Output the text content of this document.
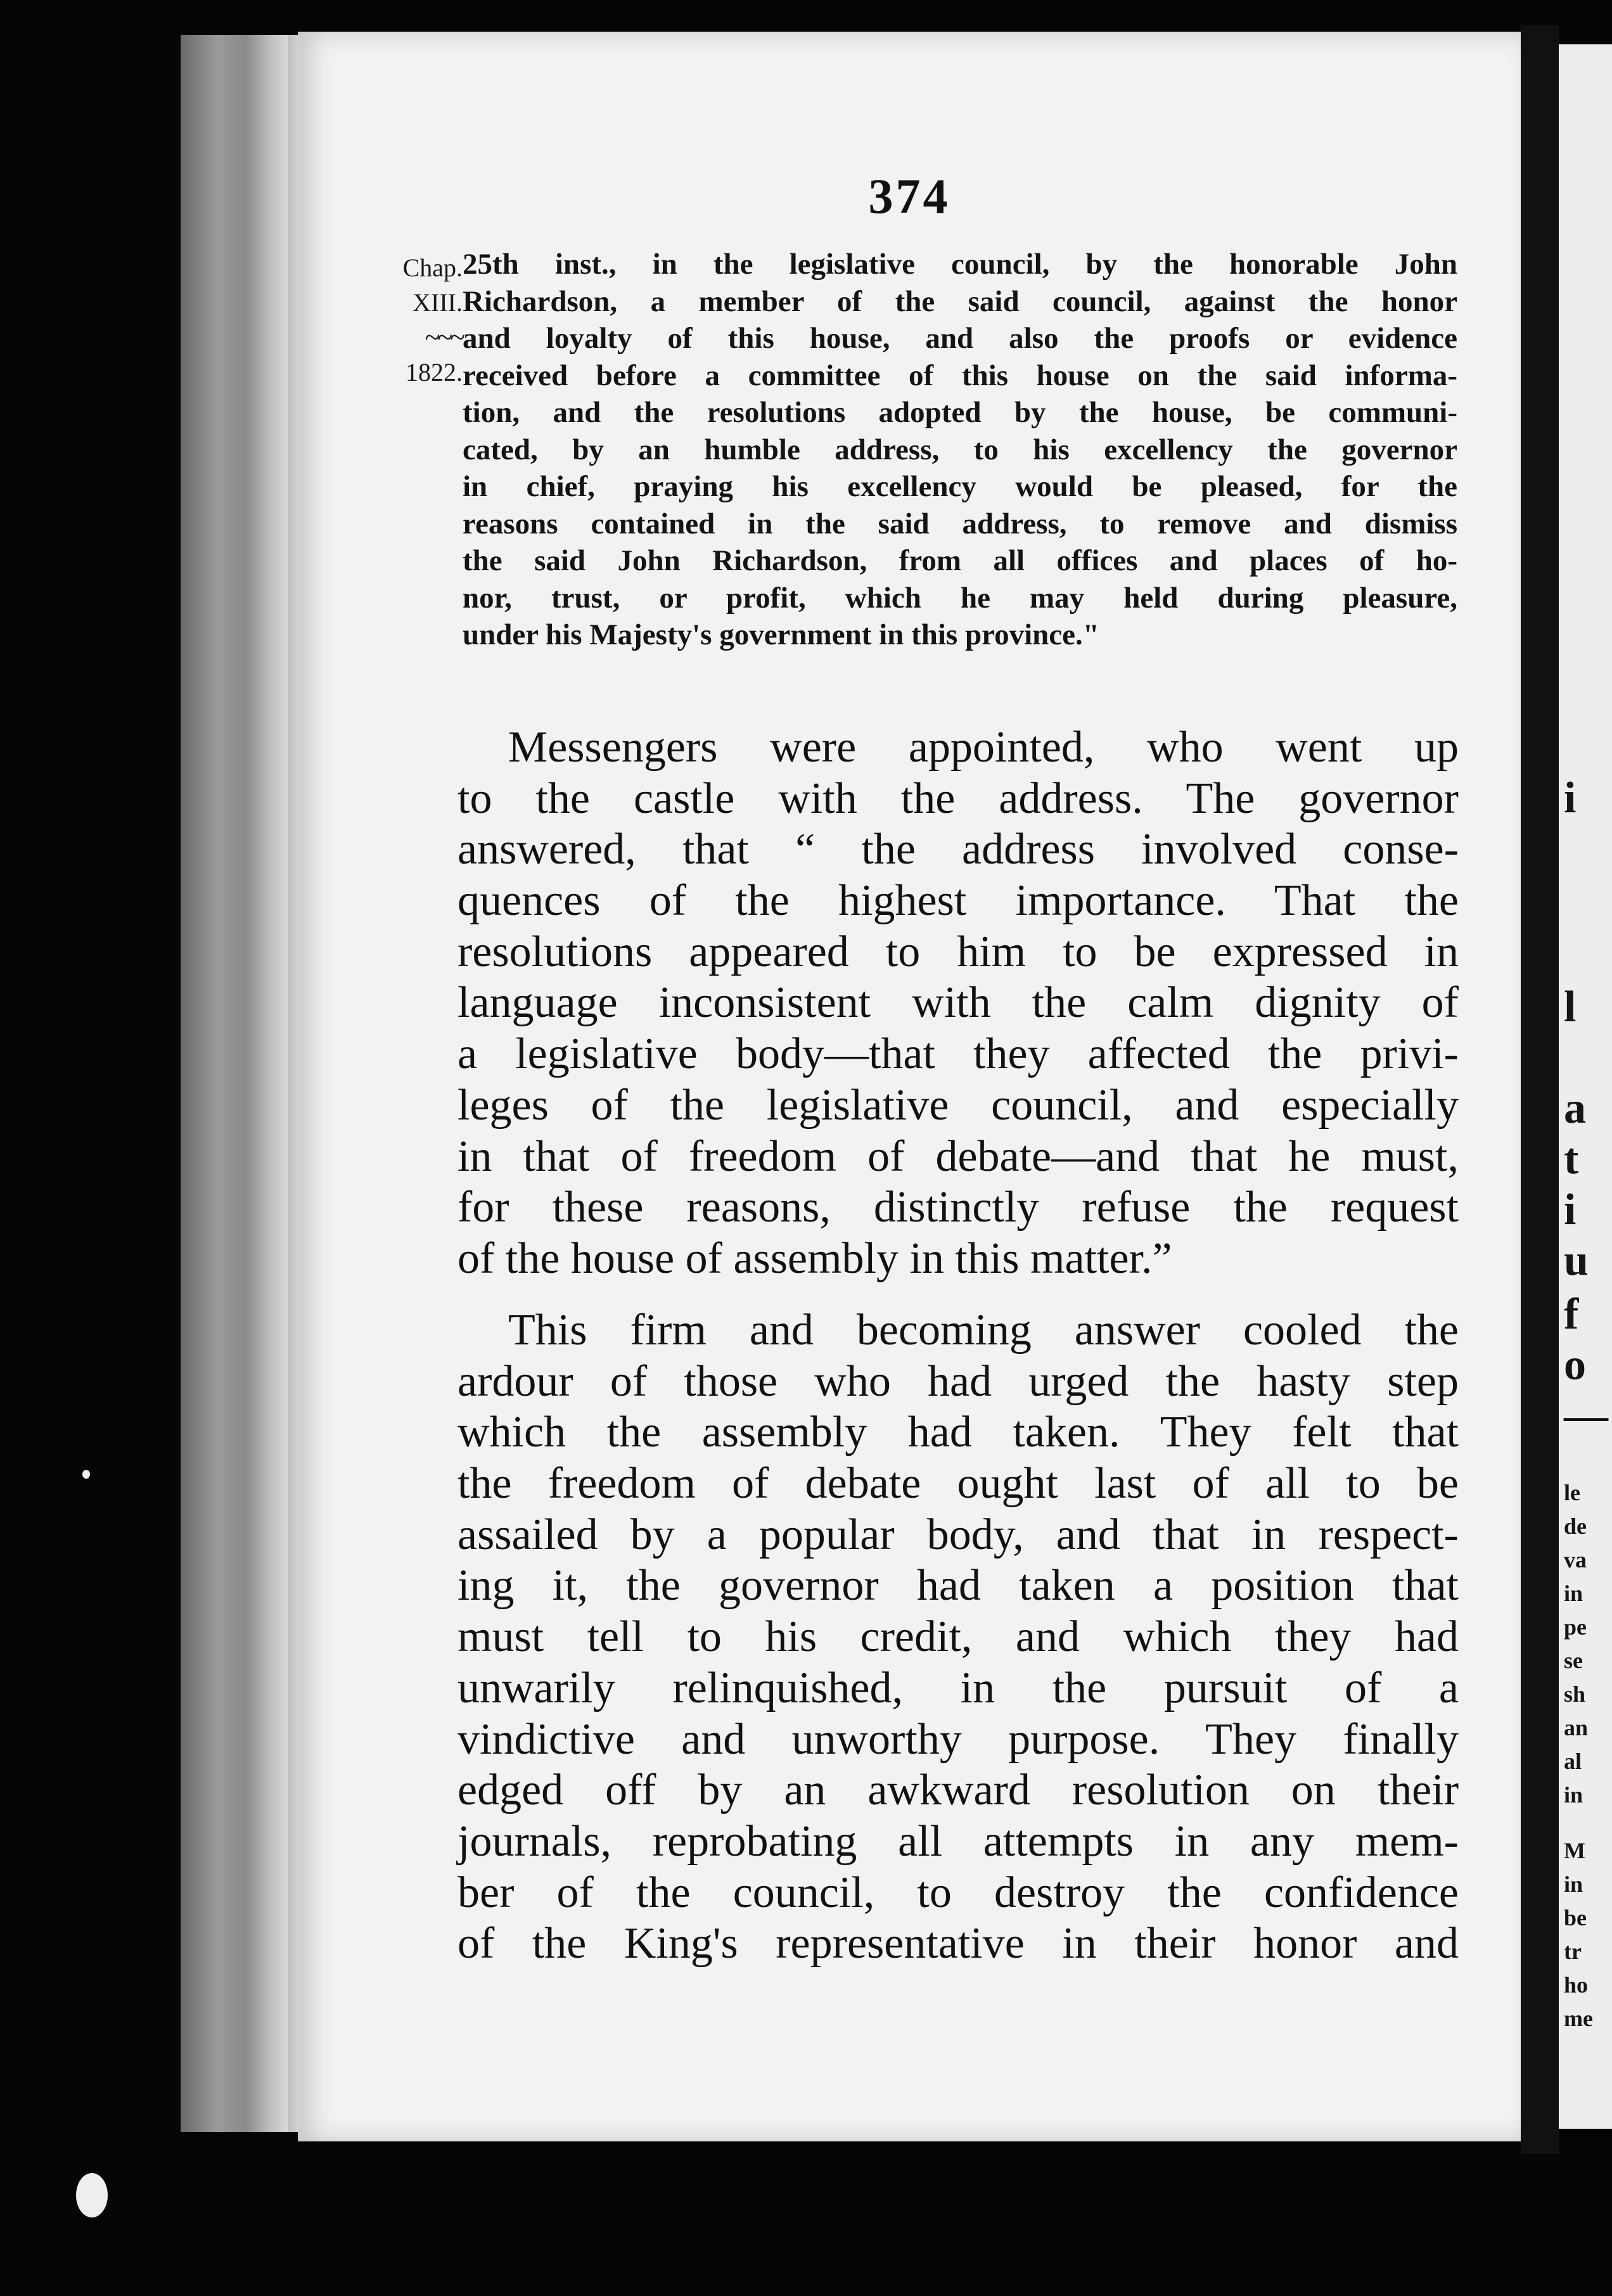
374
Chap.
XIII.
~~~
1822.
25th inst., in the legislative council, by the honorable John
Richardson, a member of the said council, against the honor
and loyalty of this house, and also the proofs or evidence
received before a committee of this house on the said informa-
tion, and the resolutions adopted by the house, be communi-
cated, by an humble address, to his excellency the governor
in chief, praying his excellency would be pleased, for the
reasons contained in the said address, to remove and dismiss
the said John Richardson, from all offices and places of ho-
nor, trust, or profit, which he may held during pleasure,
under his Majesty's government in this province."
Messengers were appointed, who went up
to the castle with the address. The governor
answered, that “ the address involved conse-
quences of the highest importance. That the
resolutions appeared to him to be expressed in
language inconsistent with the calm dignity of
a legislative body—that they affected the privi-
leges of the legislative council, and especially
in that of freedom of debate—and that he must,
for these reasons, distinctly refuse the request
of the house of assembly in this matter.”
This firm and becoming answer cooled the
ardour of those who had urged the hasty step
which the assembly had taken. They felt that
the freedom of debate ought last of all to be
assailed by a popular body, and that in respect-
ing it, the governor had taken a position that
must tell to his credit, and which they had
unwarily relinquished, in the pursuit of a
vindictive and unworthy purpose. They finally
edged off by an awkward resolution on their
journals, reprobating all attempts in any mem-
ber of the council, to destroy the confidence
of the King's representative in their honor and
i
l
a
t
i
u
f
o
—
le
de
va
in
pe
se
sh
an
al
in
M
in
be
tr
ho
me
